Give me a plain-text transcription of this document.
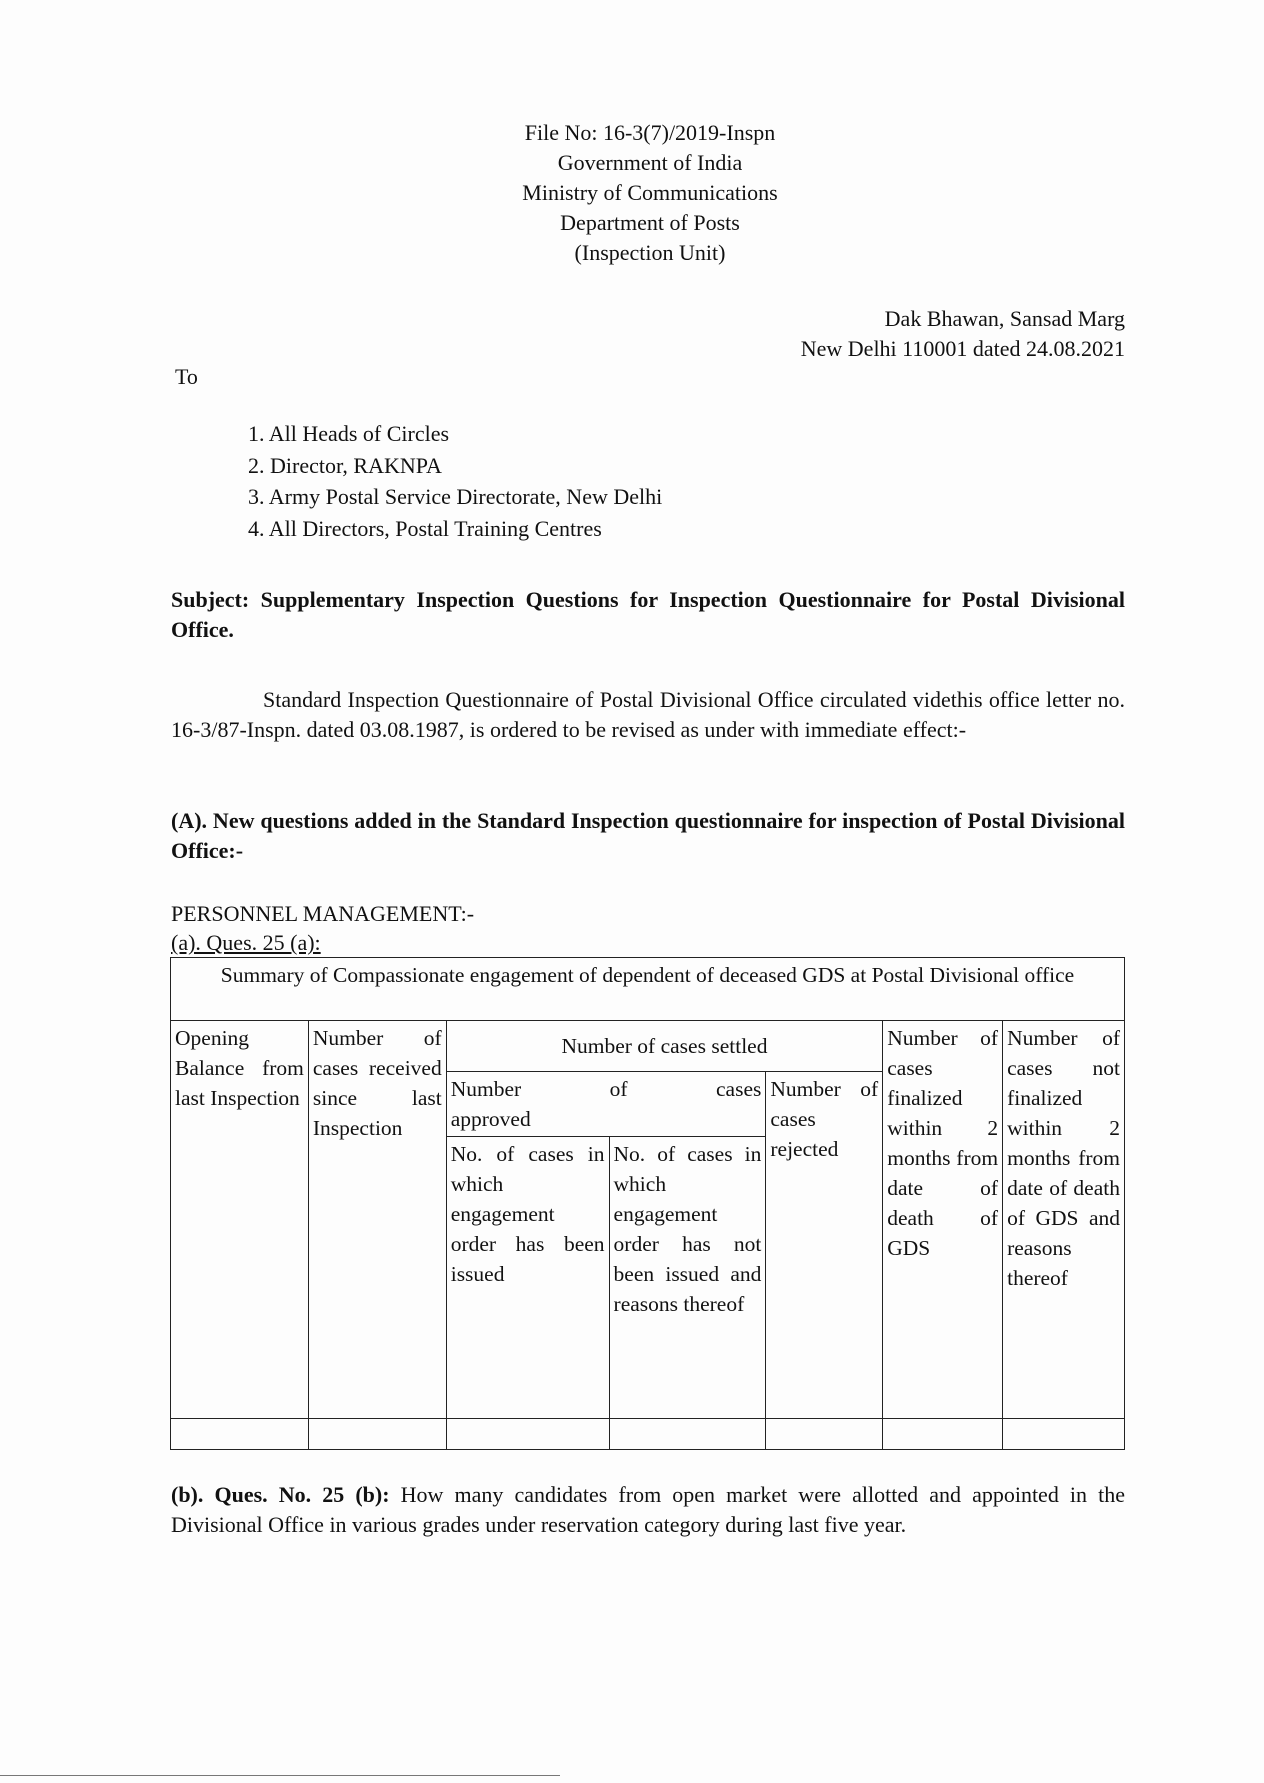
File No: 16-3(7)/2019-Inspn
Government of India
Ministry of Communications
Department of Posts
(Inspection Unit)
Dak Bhawan, Sansad Marg
New Delhi 110001 dated 24.08.2021
To
1. All Heads of Circles
2. Director, RAKNPA
3. Army Postal Service Directorate, New Delhi
4. All Directors, Postal Training Centres
Subject: Supplementary Inspection Questions for Inspection Questionnaire for Postal Divisional Office.
Standard Inspection Questionnaire of Postal Divisional Office circulated videthis office letter no. 16-3/87-Inspn. dated 03.08.1987, is ordered to be revised as under with immediate effect:-
(A). New questions added in the Standard Inspection questionnaire for inspection of Postal Divisional Office:-
PERSONNEL MANAGEMENT:-
(a). Ques. 25 (a):
Summary of Compassionate engagement of dependent of deceased GDS at Postal Divisional office						
Opening Balance from last Inspection	Number of cases received since last Inspection	Number of cases settled			Number of cases finalized within 2 months from date of death of GDS	Number of cases not finalized within 2 months from date of death of GDS and reasons thereof
		Number of cases approved		Number of cases rejected		
		No. of cases in which engagement order has been issued	No. of cases in which engagement order has not been issued and reasons thereof			

(b). Ques. No. 25 (b): How many candidates from open market were allotted and appointed in the Divisional Office in various grades under reservation category during last five year.
